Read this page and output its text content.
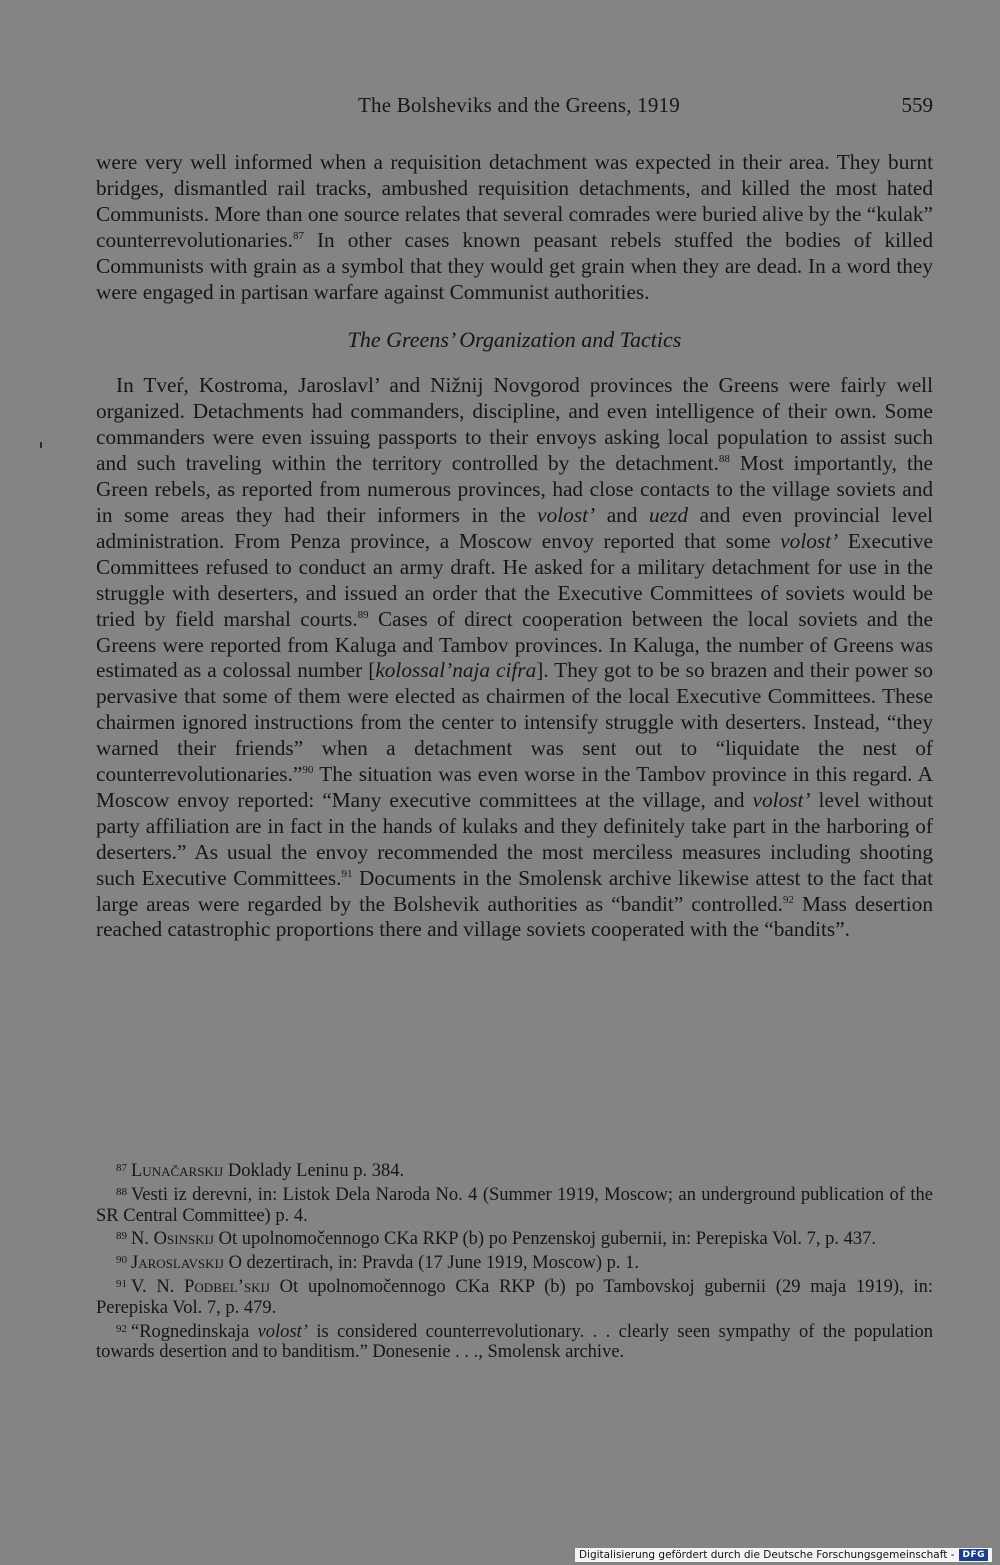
The Bolsheviks and the Greens, 1919	559

were very well informed when a requisition detachment was expected in their area. They burnt bridges, dismantled rail tracks, ambushed requisition detachments, and killed the most hated Communists. More than one source relates that several comrades were buried alive by the “kulak” counterrevolutionaries.$^{87}$ In other cases known peasant rebels stuffed the bodies of killed Communists with grain as a symbol that they would get grain when they are dead. In a word they were engaged in partisan warfare against Communist authorities.

The Greens’ Organization and Tactics

In Tveŕ, Kostroma, Jaroslavl’ and Nižnij Novgorod provinces the Greens were fairly well organized. Detachments had commanders, discipline, and even intelligence of their own. Some commanders were even issuing passports to their envoys asking local population to assist such and such traveling within the territory controlled by the detachment.$^{88}$ Most importantly, the Green rebels, as reported from numerous provinces, had close contacts to the village soviets and in some areas they had their informers in the volost’ and uezd and even provincial level administration. From Penza province, a Moscow envoy reported that some volost’ Executive Committees refused to conduct an army draft. He asked for a military detachment for use in the struggle with deserters, and issued an order that the Executive Committees of soviets would be tried by field marshal courts.$^{89}$ Cases of direct cooperation between the local soviets and the Greens were reported from Kaluga and Tambov provinces. In Kaluga, the number of Greens was estimated as a colossal number [kolossal’naja cifra]. They got to be so brazen and their power so pervasive that some of them were elected as chairmen of the local Executive Committees. These chairmen ignored instructions from the center to intensify struggle with deserters. Instead, “they warned their friends” when a detachment was sent out to “liquidate the nest of counterrevolutionaries.”$^{90}$ The situation was even worse in the Tambov province in this regard. A Moscow envoy reported: “Many executive committees at the village, and volost’ level without party affiliation are in fact in the hands of kulaks and they definitely take part in the harboring of deserters.” As usual the envoy recommended the most merciless measures including shooting such Executive Committees.$^{91}$ Documents in the Smolensk archive likewise attest to the fact that large areas were regarded by the Bolshevik authorities as “bandit” controlled.$^{92}$ Mass desertion reached catastrophic proportions there and village soviets cooperated with the “bandits”.

$^{87}$ Lunačarskij Doklady Leninu p. 384.

$^{88}$ Vesti iz derevni, in: Listok Dela Naroda No. 4 (Summer 1919, Moscow; an underground publication of the SR Central Committee) p. 4.

$^{89}$ N. Osinskij Ot upolnomočennogo CKa RKP (b) po Penzenskoj gubernii, in: Perepiska Vol. 7, p. 437.

$^{90}$ Jaroslavskij O dezertirach, in: Pravda (17 June 1919, Moscow) p. 1.

$^{91}$ V. N. Podbel’skij Ot upolnomočennogo CKa RKP (b) po Tambovskoj gubernii (29 maja 1919), in: Perepiska Vol. 7, p. 479.

$^{92}$ “Rognedinskaja volost’ is considered counterrevolutionary. . . clearly seen sympathy of the population towards desertion and to banditism.” Donesenie . . ., Smolensk archive.

Digitalisierung gefördert durch die Deutsche Forschungsgemeinschaft - DFG
